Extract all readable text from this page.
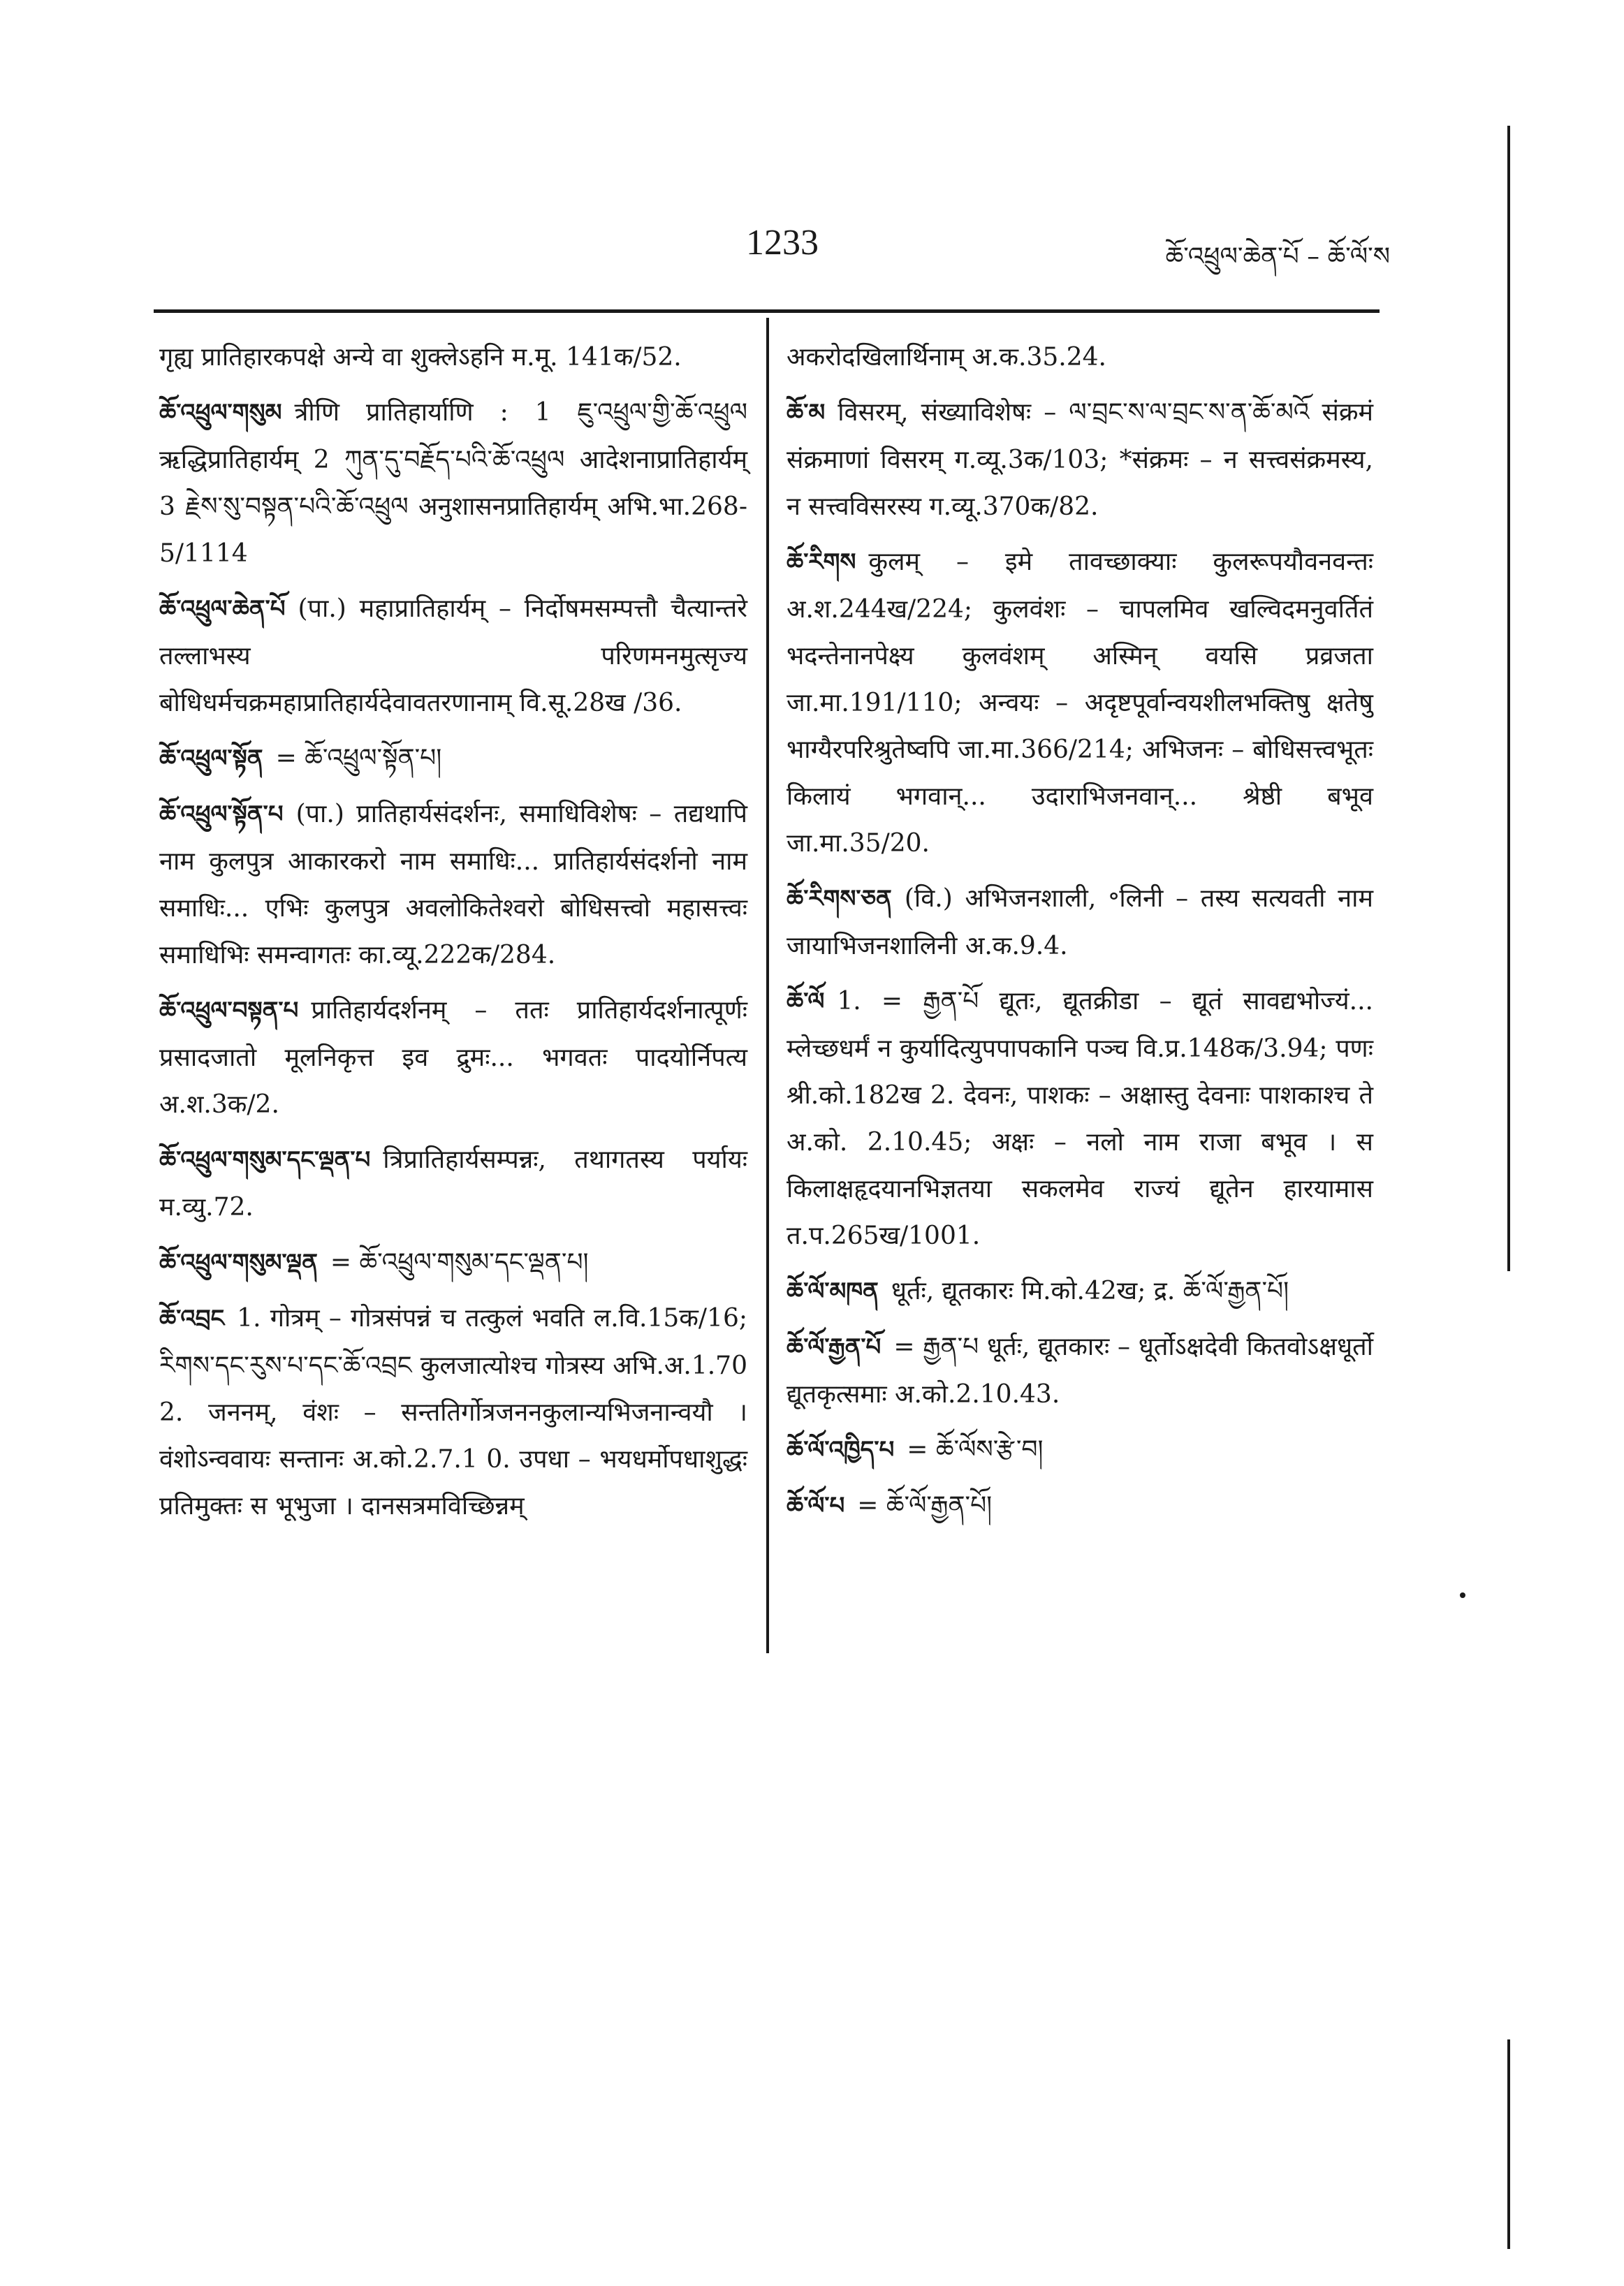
1233	ཆོ་འཕྲུལ་ཆེན་པོ – ཆོ་ལོ་ས

गृह्य प्रातिहारकपक्षे अन्ये वा शुक्लेऽहनि म.मू. 141क/52.

ཆོ་འཕྲུལ་གསུམ त्रीणि प्रातिहार्याणि : 1 ཇུ་འཕྲུལ་གྱི་ཆོ་འཕྲུལ ऋद्धिप्रातिहार्यम् 2 ཀུན་དུ་བརྗོད་པའི་ཆོ་འཕྲུལ आदेशनाप्रातिहार्यम् 3 རྗེས་སུ་བསྟན་པའི་ཆོ་འཕྲུལ अनुशासनप्रातिहार्यम् अभि.भा.268-5/1114

ཆོ་འཕྲུལ་ཆེན་པོ (पा.) महाप्रातिहार्यम् – निर्दोषमसम्पत्तौ चैत्यान्तरे तल्लाभस्य परिणमनमुत्सृज्य बोधिधर्मचक्रमहाप्रातिहार्यदेवावतरणानाम् वि.सू.28ख /36.

ཆོ་འཕྲུལ་སྟོན = ཆོ་འཕྲུལ་སྟོན་པ།

ཆོ་འཕྲུལ་སྟོན་པ (पा.) प्रातिहार्यसंदर्शनः, समाधिविशेषः – तद्यथापि नाम कुलपुत्र आकारकरो नाम समाधिः... प्रातिहार्यसंदर्शनो नाम समाधिः... एभिः कुलपुत्र अवलोकितेश्वरो बोधिसत्त्वो महासत्त्वः समाधिभिः समन्वागतः का.व्यू.222क/284.

ཆོ་འཕྲུལ་བསྟན་པ प्रातिहार्यदर्शनम् – ततः प्रातिहार्यदर्शनात्पूर्णः प्रसादजातो मूलनिकृत्त इव द्रुमः... भगवतः पादयोर्निपत्य अ.श.3क/2.

ཆོ་འཕྲུལ་གསུམ་དང་ལྡན་པ त्रिप्रातिहार्यसम्पन्नः, तथागतस्य पर्यायः म.व्यु.72.

ཆོ་འཕྲུལ་གསུམ་ལྡན = ཆོ་འཕྲུལ་གསུམ་དང་ལྡན་པ།

ཆོ་འབྲང 1. गोत्रम् – गोत्रसंपन्नं च तत्कुलं भवति ल.वि.15क/16; རིགས་དང་རུས་པ་དང་ཆོ་འབྲང कुलजात्योश्च गोत्रस्य अभि.अ.1.70 2. जननम्, वंशः – सन्ततिर्गोत्रजननकुलान्यभिजनान्वयौ । वंशोऽन्ववायः सन्तानः अ.को.2.7.1 0. उपधा – भयधर्मोपधाशुद्धः प्रतिमुक्तः स भूभुजा । दानसत्रमविच्छिन्नम्

अकरोदखिलार्थिनाम् अ.क.35.24.

ཆོ་མ विसरम्, संख्याविशेषः – ལ་བྲང་ས་ལ་བྲང་ས་ན་ཆོ་མའོ संक्रमं संक्रमाणां विसरम् ग.व्यू.3क/103; *संक्रमः – न सत्त्वसंक्रमस्य, न सत्त्वविसरस्य ग.व्यू.370क/82.

ཆོ་རིགས कुलम् – इमे तावच्छाक्याः कुलरूपयौवनवन्तः अ.श.244ख/224; कुलवंशः – चापलमिव खल्विदमनुवर्तितं भदन्तेनानपेक्ष्य कुलवंशम् अस्मिन् वयसि प्रव्रजता जा.मा.191/110; अन्वयः – अदृष्टपूर्वान्वयशीलभक्तिषु क्षतेषु भाग्यैरपरिश्रुतेष्वपि जा.मा.366/214; अभिजनः – बोधिसत्त्वभूतः किलायं भगवान्... उदाराभिजनवान्... श्रेष्ठी बभूव जा.मा.35/20.

ཆོ་རིགས་ཅན (वि.) अभिजनशाली, ॰लिनी – तस्य सत्यवती नाम जायाभिजनशालिनी अ.क.9.4.

ཆོ་ལོ 1. = རྒྱན་པོ द्यूतः, द्यूतक्रीडा – द्यूतं सावद्यभोज्यं... म्लेच्छधर्मं न कुर्यादित्युपपापकानि पञ्च वि.प्र.148क/3.94; पणः श्री.को.182ख 2. देवनः, पाशकः – अक्षास्तु देवनाः पाशकाश्च ते अ.को. 2.10.45; अक्षः – नलो नाम राजा बभूव । स किलाक्षहृदयानभिज्ञतया सकलमेव राज्यं द्यूतेन हारयामास त.प.265ख/1001.

ཆོ་ལོ་མཁན धूर्तः, द्यूतकारः मि.को.42ख; द्र. ཆོ་ལོ་རྒྱན་པོ།

ཆོ་ལོ་རྒྱན་པོ = རྒྱན་པ धूर्तः, द्यूतकारः – धूर्तोऽक्षदेवी कितवोऽक्षधूर्तो द्यूतकृत्समाः अ.को.2.10.43.

ཆོ་ལོ་འཁྱིད་པ = ཆོ་ལོས་རྩེ་བ།

ཆོ་ལོ་པ = ཆོ་ལོ་རྒྱན་པོ།
